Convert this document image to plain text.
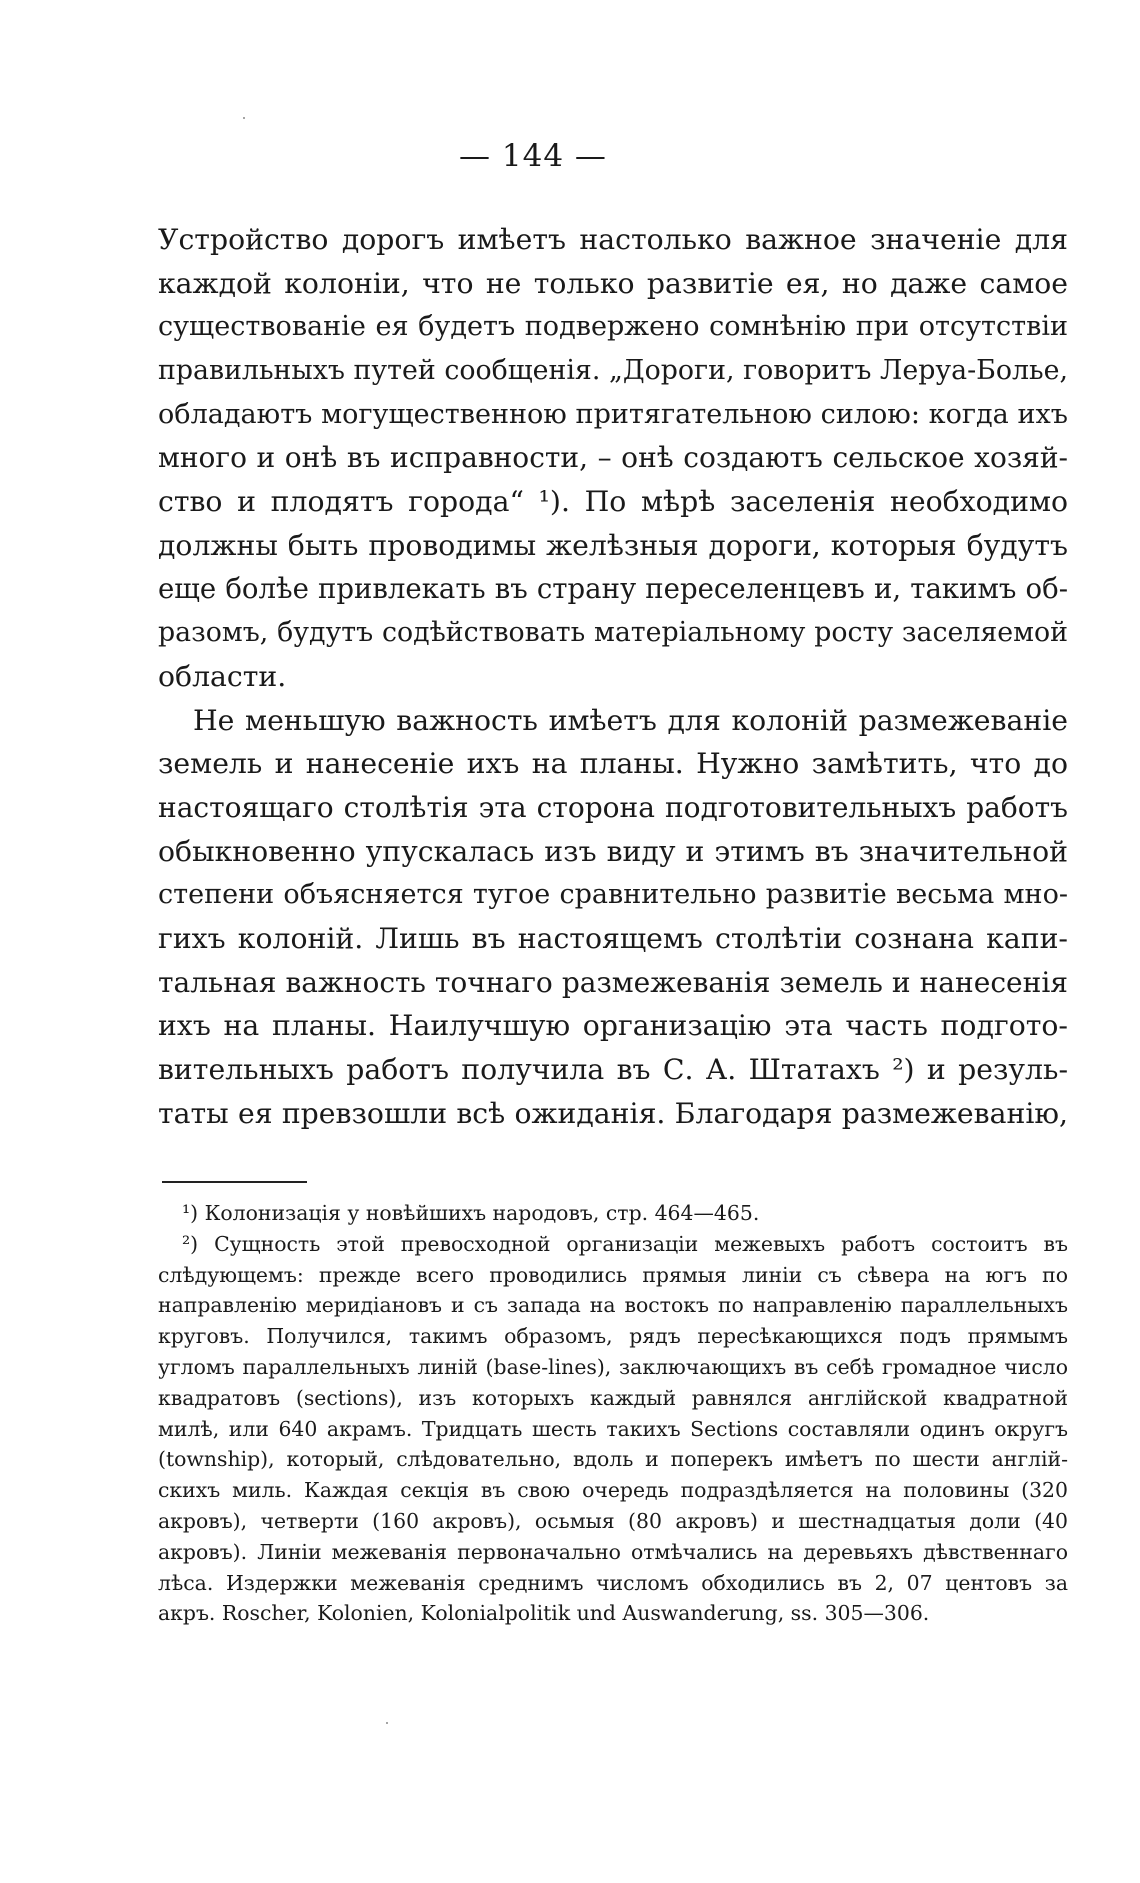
— 144 —
Устройство дорогъ имѣетъ настолько важное значенie для
каждой колонiи, что не только развитiе ея, но даже самое
существованie ея будетъ подвержено сомнѣнiю при отсутствiи
правильныхъ путей сообщенiя. „Дороги, говоритъ Леруа-Болье,
обладаютъ могущественною притягательною силою: когда ихъ
много и онѣ въ исправности, – онѣ создаютъ сельское хозяй-
ство и плодятъ города“ ¹). По мѣрѣ заселенiя необходимо
должны быть проводимы желѣзныя дороги, которыя будутъ
еще болѣе привлекать въ страну переселенцевъ и, такимъ об-
разомъ, будутъ содѣйствовать матерiальному росту заселяемой
области.
Не меньшую важность имѣетъ для колонiй размежеванie
земель и нанесенie ихъ на планы. Нужно замѣтить, что до
настоящаго столѣтiя эта сторона подготовительныхъ работъ
обыкновенно упускалась изъ виду и этимъ въ значительной
степени объясняется тугое сравнительно развитiе весьма мно-
гихъ колонiй. Лишь въ настоящемъ столѣтiи сознана капи-
тальная важность точнаго размежеванiя земель и нанесенiя
ихъ на планы. Наилучшую организацiю эта часть подгото-
вительныхъ работъ получила въ С. А. Штатахъ ²) и резуль-
таты ея превзошли всѣ ожиданiя. Благодаря размежеванiю,
¹) Колонизацiя у новѣйшихъ народовъ, стр. 464—465.
²) Сущность этой превосходной организацiи межевыхъ работъ состоитъ въ
слѣдующемъ: прежде всего проводились прямыя линiи съ сѣвера на югъ по
направленiю меридiановъ и съ запада на востокъ по направленiю параллельныхъ
круговъ. Получился, такимъ образомъ, рядъ пересѣкающихся подъ прямымъ
угломъ параллельныхъ линiй (base-lines), заключающихъ въ себѣ громадное число
квадратовъ (sections), изъ которыхъ каждый равнялся англiйской квадратной
милѣ, или 640 акрамъ. Тридцать шесть такихъ Sections составляли одинъ округъ
(township), который, слѣдовательно, вдоль и поперекъ имѣетъ по шести англiй-
скихъ миль. Каждая секцiя въ свою очередь подраздѣляется на половины (320
акровъ), четверти (160 акровъ), осьмыя (80 акровъ) и шестнадцатыя доли (40
акровъ). Линiи межеванiя первоначально отмѣчались на деревьяхъ дѣвственнаго
лѣса. Издержки межеванiя среднимъ числомъ обходились въ 2, 07 центовъ за
акръ. Roscher, Kolonien, Kolonialpolitik und Auswanderung, ss. 305—306.
